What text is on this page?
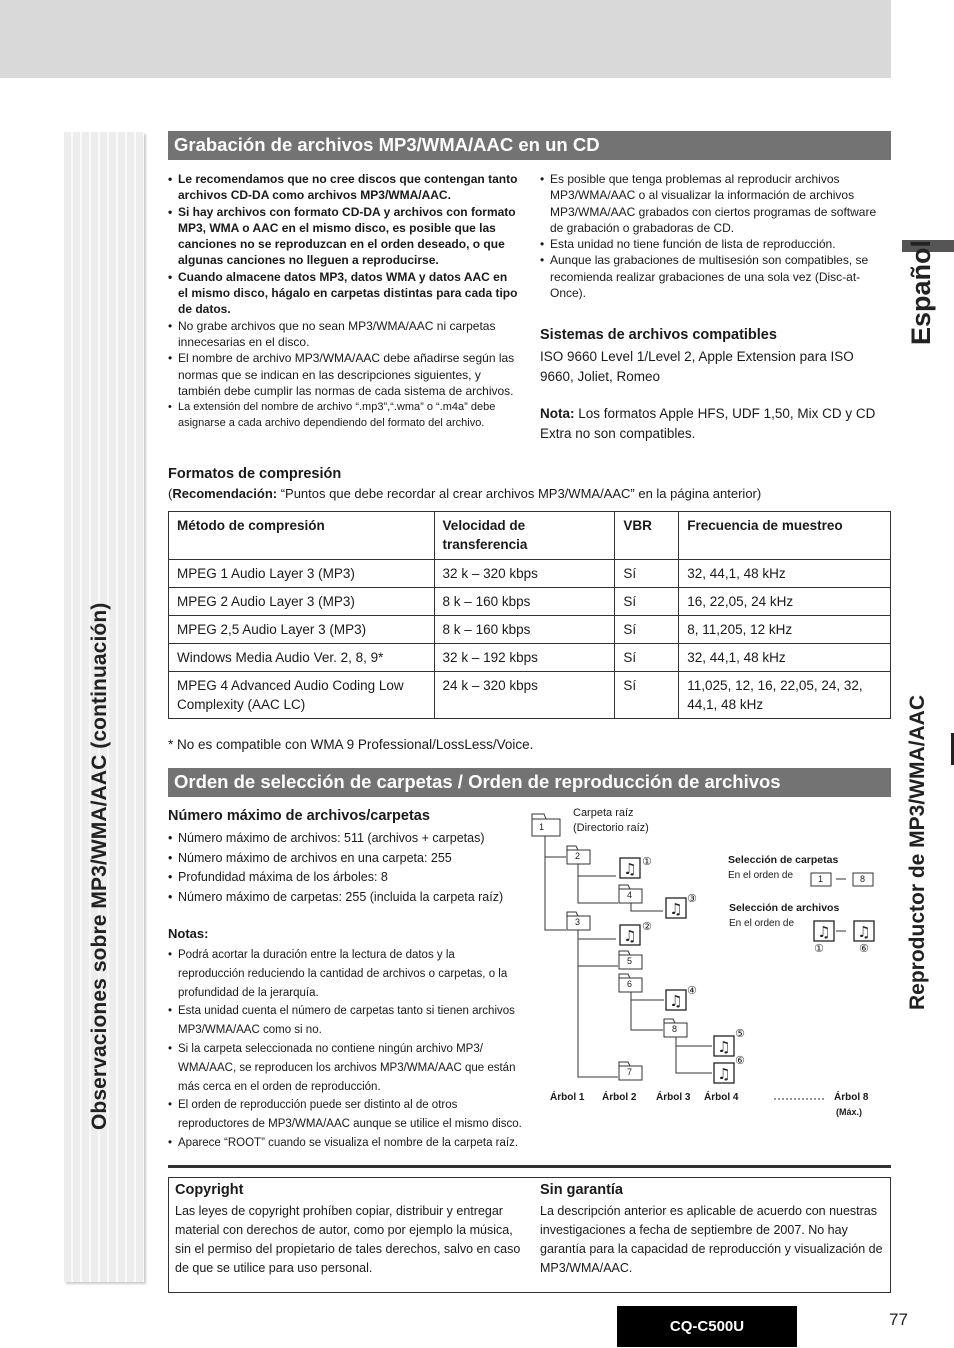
Observaciones sobre MP3/WMA/AAC (continuación)
Español
Reproductor de MP3/WMA/AAC
Grabación de archivos MP3/WMA/AAC en un CD
• Le recomendamos que no cree discos que contengan tanto archivos CD-DA como archivos MP3/WMA/AAC.
• Si hay archivos con formato CD-DA y archivos con formato MP3, WMA o AAC en el mismo disco, es posible que las canciones no se reproduzcan en el orden deseado, o que algunas canciones no lleguen a reproducirse.
• Cuando almacene datos MP3, datos WMA y datos AAC en el mismo disco, hágalo en carpetas distintas para cada tipo de datos.
• No grabe archivos que no sean MP3/WMA/AAC ni carpetas innecesarias en el disco.
• El nombre de archivo MP3/WMA/AAC debe añadirse según las normas que se indican en las descripciones siguientes, y también debe cumplir las normas de cada sistema de archivos.
• La extensión del nombre de archivo “.mp3”,“.wma” o “.m4a” debe asignarse a cada archivo dependiendo del formato del archivo.
• Es posible que tenga problemas al reproducir archivos MP3/WMA/AAC o al visualizar la información de archivos MP3/WMA/AAC grabados con ciertos programas de software de grabación o grabadoras de CD.
• Esta unidad no tiene función de lista de reproducción.
• Aunque las grabaciones de multisesión son compatibles, se recomienda realizar grabaciones de una sola vez (Disc-at-Once).
Sistemas de archivos compatibles
ISO 9660 Level 1/Level 2, Apple Extension para ISO 9660, Joliet, Romeo
Nota: Los formatos Apple HFS, UDF 1,50, Mix CD y CD Extra no son compatibles.
Formatos de compresión
(Recomendación: “Puntos que debe recordar al crear archivos MP3/WMA/AAC” en la página anterior)
Método de compresión	Velocidad de transferencia	VBR	Frecuencia de muestreo
MPEG 1 Audio Layer 3 (MP3)	32 k – 320 kbps	Sí	32, 44,1, 48 kHz
MPEG 2 Audio Layer 3 (MP3)	8 k – 160 kbps	Sí	16, 22,05, 24 kHz
MPEG 2,5 Audio Layer 3 (MP3)	8 k – 160 kbps	Sí	8, 11,205, 12 kHz
Windows Media Audio Ver. 2, 8, 9*	32 k – 192 kbps	Sí	32, 44,1, 48 kHz
MPEG 4 Advanced Audio Coding Low Complexity (AAC LC)	24 k – 320 kbps	Sí	11,025, 12, 16, 22,05, 24, 32, 44,1, 48 kHz
* No es compatible con WMA 9 Professional/LossLess/Voice.
Orden de selección de carpetas / Orden de reproducción de archivos
Número máximo de archivos/carpetas
• Número máximo de archivos: 511 (archivos + carpetas)
• Número máximo de archivos en una carpeta: 255
• Profundidad máxima de los árboles: 8
• Número máximo de carpetas: 255 (incluida la carpeta raíz)
Notas:
• Podrá acortar la duración entre la lectura de datos y la reproducción reduciendo la cantidad de archivos o carpetas, o la profundidad de la jerarquía.
• Esta unidad cuenta el número de carpetas tanto si tienen archivos MP3/WMA/AAC como si no.
• Si la carpeta seleccionada no contiene ningún archivo MP3/ WMA/AAC, se reproducen los archivos MP3/WMA/AAC que están más cerca en el orden de reproducción.
• El orden de reproducción puede ser distinto al de otros reproductores de MP3/WMA/AAC aunque se utilice el mismo disco.
• Aparece “ROOT” cuando se visualiza el nombre de la carpeta raíz.
♫
♫
♫
♫
♫
♫
♫ ♫
Carpeta raíz
(Directorio raíz)
1
2
3
4
5
6
7
8
①
②
③
④
⑤
⑥
Selección de carpetas
En el orden de	1	8
Selección de archivos
En el orden de
①	⑥
Árbol 1 Árbol 2 Árbol 3 Árbol 4	Árbol 8
(Máx.)
Copyright
Las leyes de copyright prohíben copiar, distribuir y entregar material con derechos de autor, como por ejemplo la música, sin el permiso del propietario de tales derechos, salvo en caso de que se utilice para uso personal.
Sin garantía
La descripción anterior es aplicable de acuerdo con nuestras investigaciones a fecha de septiembre de 2007. No hay garantía para la capacidad de reproducción y visualización de MP3/WMA/AAC.
CQ-C500U	77
